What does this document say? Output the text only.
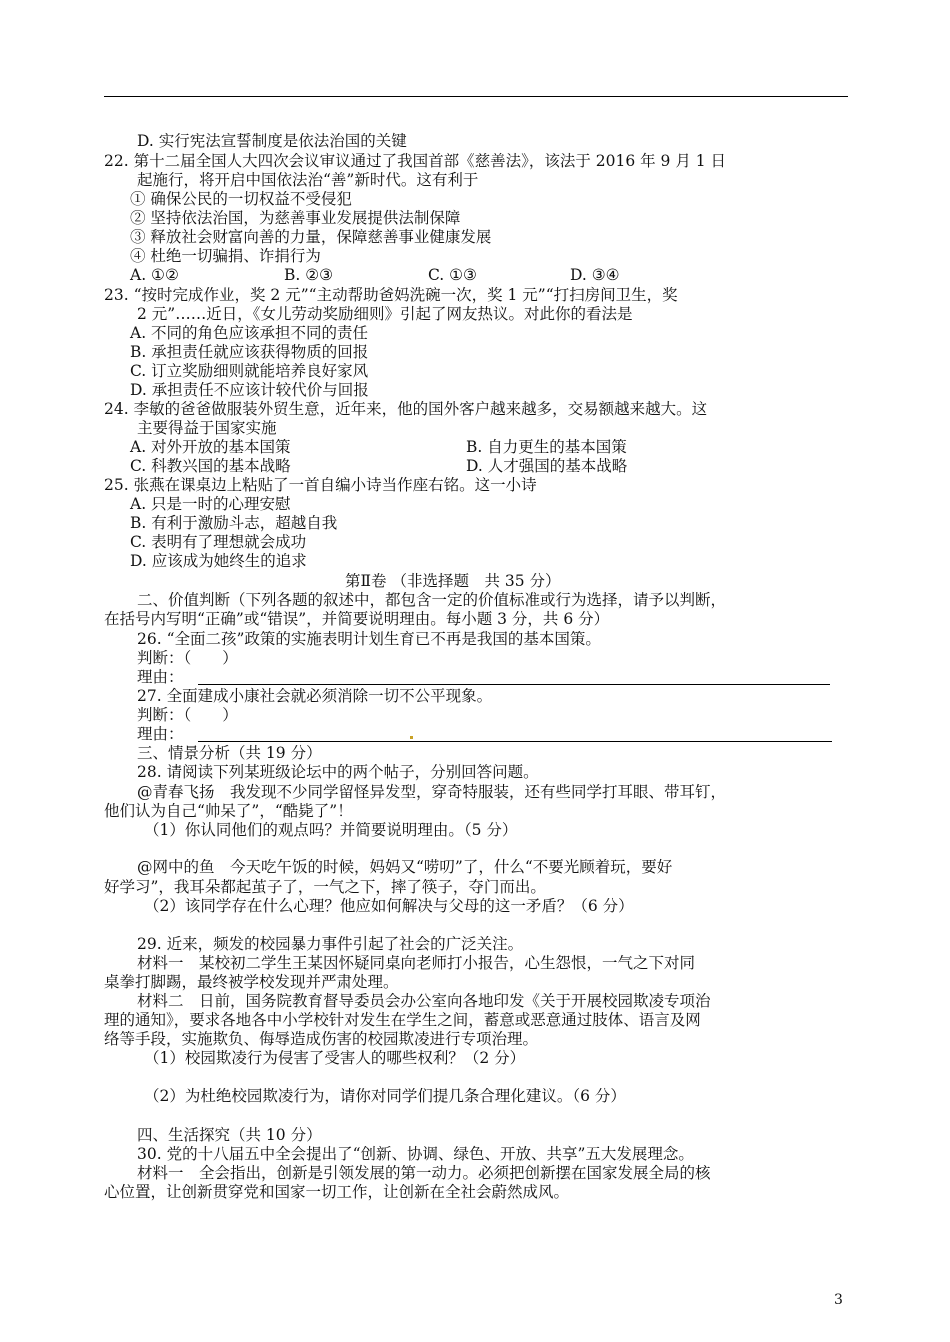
D. 实行宪法宣誓制度是依法治国的关键
22. 第十二届全国人大四次会议审议通过了我国首部《慈善法》，该法于 2016 年 9 月 1 日
起施行，将开启中国依法治“善”新时代。这有利于
① 确保公民的一切权益不受侵犯
② 坚持依法治国，为慈善事业发展提供法制保障
③ 释放社会财富向善的力量，保障慈善事业健康发展
④ 杜绝一切骗捐、诈捐行为
A. ①②	B. ②③	C. ①③	D. ③④
23. “按时完成作业，奖 2 元”“主动帮助爸妈洗碗一次，奖 1 元”“打扫房间卫生，奖
2 元”……近日，《女儿劳动奖励细则》引起了网友热议。对此你的看法是
A. 不同的角色应该承担不同的责任
B. 承担责任就应该获得物质的回报
C. 订立奖励细则就能培养良好家风
D. 承担责任不应该计较代价与回报
24. 李敏的爸爸做服装外贸生意，近年来，他的国外客户越来越多，交易额越来越大。这
主要得益于国家实施
A. 对外开放的基本国策	B. 自力更生的基本国策
C. 科教兴国的基本战略	D. 人才强国的基本战略
25. 张燕在课桌边上粘贴了一首自编小诗当作座右铭。这一小诗
A. 只是一时的心理安慰
B. 有利于激励斗志，超越自我
C. 表明有了理想就会成功
D. 应该成为她终生的追求
第Ⅱ卷 （非选择题　共 35 分）
二、价值判断（下列各题的叙述中，都包含一定的价值标准或行为选择，请予以判断，
在括号内写明“正确”或“错误”，并简要说明理由。每小题 3 分，共 6 分）
26. “全面二孩”政策的实施表明计划生育已不再是我国的基本国策。
判断：（　　）
理由：
27. 全面建成小康社会就必须消除一切不公平现象。
判断：（　　）
理由：
三、情景分析（共 19 分）
28. 请阅读下列某班级论坛中的两个帖子，分别回答问题。
@青春飞扬　我发现不少同学留怪异发型，穿奇特服装，还有些同学打耳眼、带耳钉，
他们认为自己“帅呆了”，“酷毙了”！
（1）你认同他们的观点吗？并简要说明理由。（5 分）
@网中的鱼　今天吃午饭的时候，妈妈又“唠叨”了，什么“不要光顾着玩，要好
好学习”，我耳朵都起茧子了，一气之下，摔了筷子，夺门而出。
（2）该同学存在什么心理？他应如何解决与父母的这一矛盾？（6 分）
29. 近来，频发的校园暴力事件引起了社会的广泛关注。
材料一　某校初二学生王某因怀疑同桌向老师打小报告，心生怨恨，一气之下对同
桌拳打脚踢，最终被学校发现并严肃处理。
材料二　日前，国务院教育督导委员会办公室向各地印发《关于开展校园欺凌专项治
理的通知》，要求各地各中小学校针对发生在学生之间，蓄意或恶意通过肢体、语言及网
络等手段，实施欺负、侮辱造成伤害的校园欺凌进行专项治理。
（1）校园欺凌行为侵害了受害人的哪些权利？（2 分）
（2）为杜绝校园欺凌行为，请你对同学们提几条合理化建议。（6 分）
四、生活探究（共 10 分）
30. 党的十八届五中全会提出了“创新、协调、绿色、开放、共享”五大发展理念。
材料一　全会指出，创新是引领发展的第一动力。必须把创新摆在国家发展全局的核
心位置，让创新贯穿党和国家一切工作，让创新在全社会蔚然成风。
3
